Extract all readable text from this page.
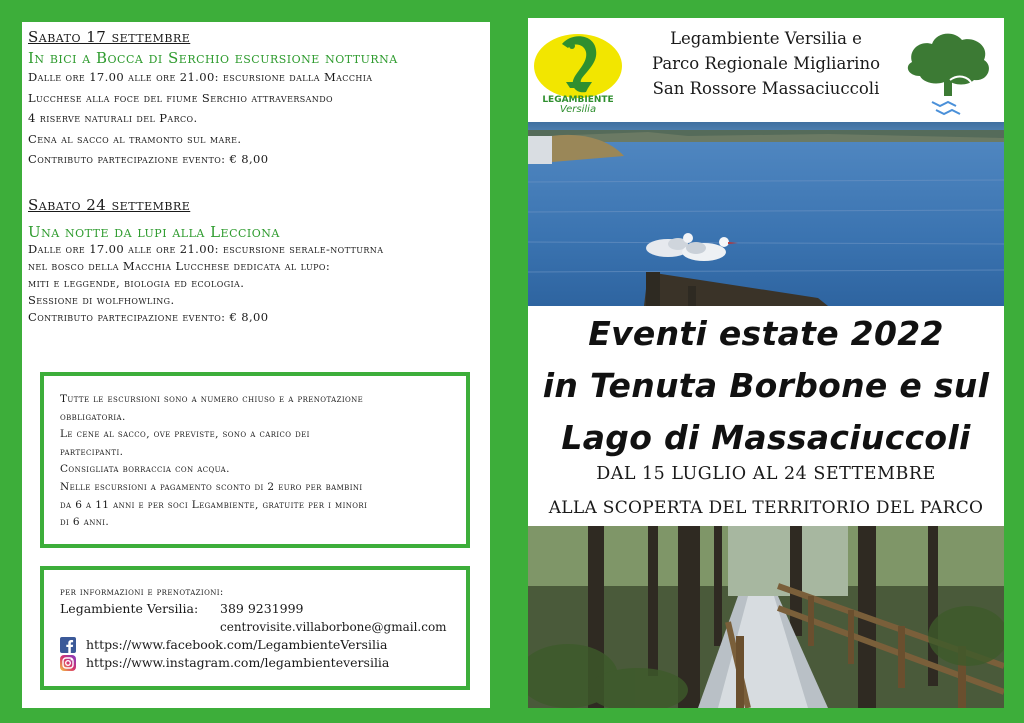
Sabato 17 settembre
In bici a Bocca di Serchio escursione notturna
Dalle ore 17.00 alle ore 21.00: escursione dalla Macchia
Lucchese alla foce del fiume Serchio attraversando
4 riserve naturali del Parco.
Cena al sacco al tramonto sul mare.
Contributo partecipazione evento: € 8,00
Sabato 24 settembre
Una notte da lupi alla Lecciona
Dalle ore 17.00 alle ore 21.00: escursione serale-notturna
nel bosco della Macchia Lucchese dedicata al lupo:
miti e leggende, biologia ed ecologia.
Sessione di wolfhowling.
Contributo partecipazione evento: € 8,00
Tutte le escursioni sono a numero chiuso e a prenotazione
obbligatoria.
Le cene al sacco, ove previste, sono a carico dei
partecipanti.
Consigliata borraccia con acqua.
Nelle escursioni a pagamento sconto di 2 euro per bambini
da 6 a 11 anni e per soci Legambiente, gratuite per i minori
di 6 anni.
per informazioni e prenotazioni:
Legambiente Versilia:	389 9231999
centrovisite.villaborbone@gmail.com
https://www.facebook.com/LegambienteVersilia
https://www.instagram.com/legambienteversilia
LEGAMBIENTE
Versilia
Legambiente Versilia e
Parco Regionale Migliarino
San Rossore Massaciuccoli
Eventi estate 2022
in Tenuta Borbone e sul
Lago di Massaciuccoli
DAL 15 LUGLIO AL 24 SETTEMBRE
ALLA SCOPERTA DEL TERRITORIO DEL PARCO
